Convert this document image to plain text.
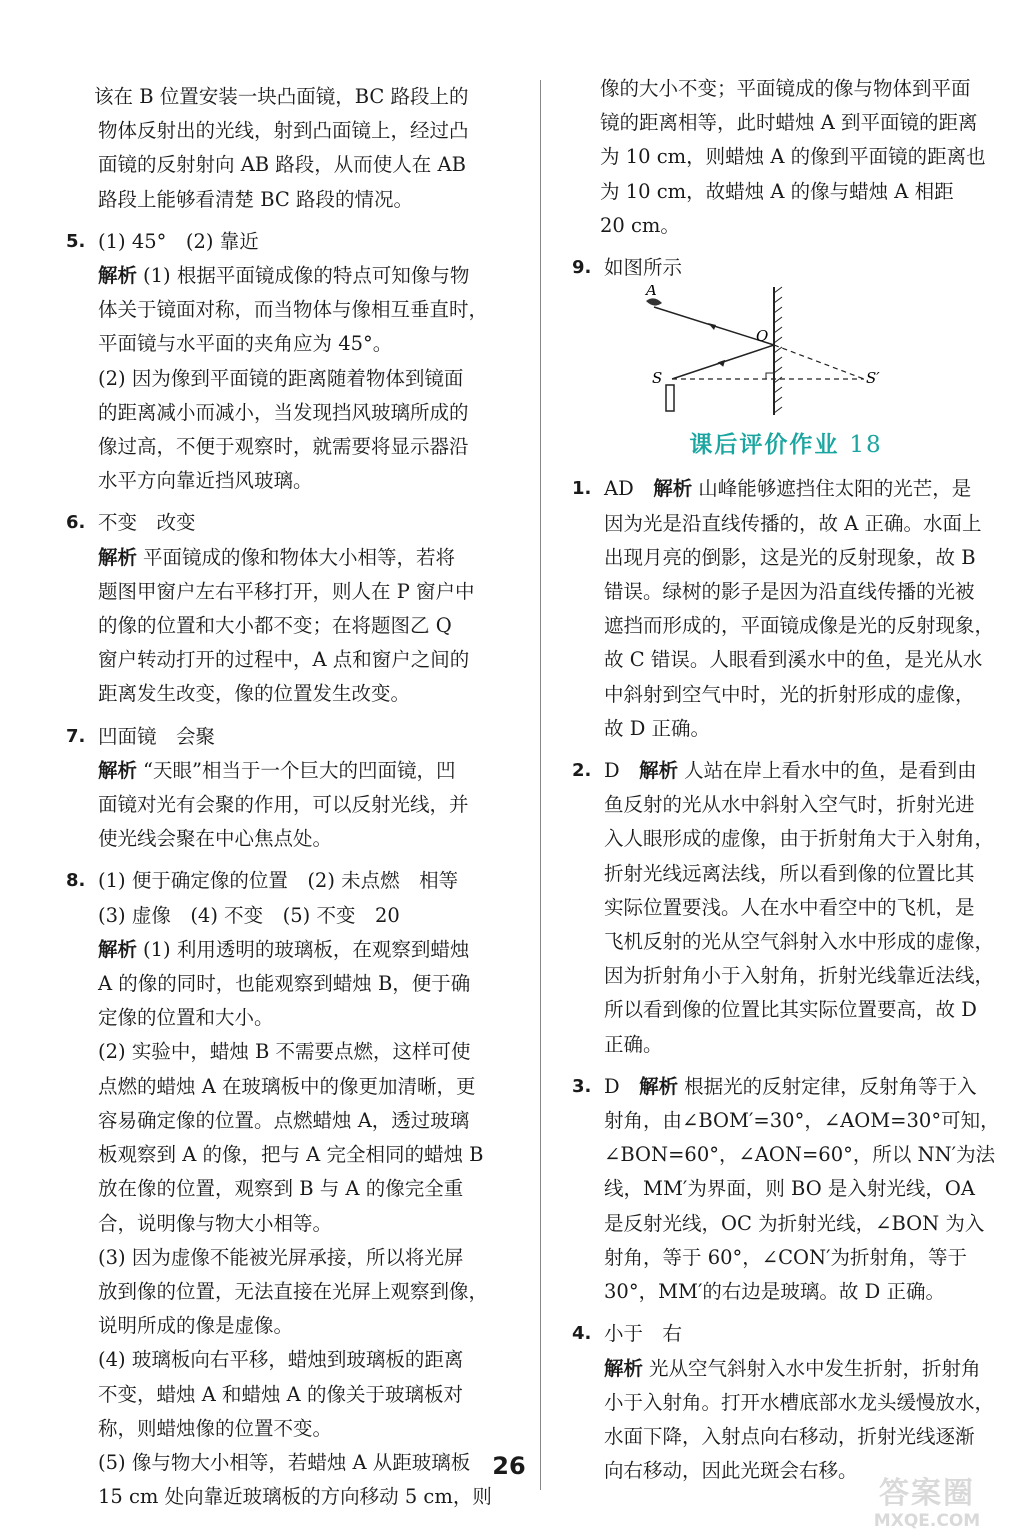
该在 B 位置安装一块凸面镜，BC 路段上的

物体反射出的光线，射到凸面镜上，经过凸

面镜的反射射向 AB 路段，从而使人在 AB

路段上能够看清楚 BC 路段的情况。

5. (1) 45°　(2) 靠近

解析 (1) 根据平面镜成像的特点可知像与物

体关于镜面对称，而当物体与像相互垂直时，

平面镜与水平面的夹角应为 45°。

(2) 因为像到平面镜的距离随着物体到镜面

的距离减小而减小，当发现挡风玻璃所成的

像过高，不便于观察时，就需要将显示器沿

水平方向靠近挡风玻璃。

6. 不变　改变

解析 平面镜成的像和物体大小相等，若将

题图甲窗户左右平移打开，则人在 P 窗户中

的像的位置和大小都不变；在将题图乙 Q

窗户转动打开的过程中，A 点和窗户之间的

距离发生改变，像的位置发生改变。

7. 凹面镜　会聚

解析 “天眼”相当于一个巨大的凹面镜，凹

面镜对光有会聚的作用，可以反射光线，并

使光线会聚在中心焦点处。

8. (1) 便于确定像的位置　(2) 未点燃　相等

(3) 虚像　(4) 不变　(5) 不变　20

解析 (1) 利用透明的玻璃板，在观察到蜡烛

A 的像的同时，也能观察到蜡烛 B，便于确

定像的位置和大小。

(2) 实验中，蜡烛 B 不需要点燃，这样可使

点燃的蜡烛 A 在玻璃板中的像更加清晰，更

容易确定像的位置。点燃蜡烛 A，透过玻璃

板观察到 A 的像，把与 A 完全相同的蜡烛 B

放在像的位置，观察到 B 与 A 的像完全重

合，说明像与物大小相等。

(3) 因为虚像不能被光屏承接，所以将光屏

放到像的位置，无法直接在光屏上观察到像，

说明所成的像是虚像。

(4) 玻璃板向右平移，蜡烛到玻璃板的距离

不变，蜡烛 A 和蜡烛 A 的像关于玻璃板对

称，则蜡烛像的位置不变。

(5) 像与物大小相等，若蜡烛 A 从距玻璃板

15 cm 处向靠近玻璃板的方向移动 5 cm，则

像的大小不变；平面镜成的像与物体到平面

镜的距离相等，此时蜡烛 A 到平面镜的距离

为 10 cm，则蜡烛 A 的像到平面镜的距离也

为 10 cm，故蜡烛 A 的像与蜡烛 A 相距

20 cm。

9. 如图所示

A
O
S	S′
课后评价作业 18

1. AD　 解析 山峰能够遮挡住太阳的光芒，是

因为光是沿直线传播的，故 A 正确。水面上

出现月亮的倒影，这是光的反射现象，故 B

错误。绿树的影子是因为沿直线传播的光被

遮挡而形成的，平面镜成像是光的反射现象，

故 C 错误。人眼看到溪水中的鱼，是光从水

中斜射到空气中时，光的折射形成的虚像，

故 D 正确。

2. D　 解析 人站在岸上看水中的鱼，是看到由

鱼反射的光从水中斜射入空气时，折射光进

入人眼形成的虚像，由于折射角大于入射角，

折射光线远离法线，所以看到像的位置比其

实际位置要浅。人在水中看空中的飞机，是

飞机反射的光从空气斜射入水中形成的虚像，

因为折射角小于入射角，折射光线靠近法线，

所以看到像的位置比其实际位置要高，故 D

正确。

3. D　 解析 根据光的反射定律，反射角等于入

射角，由∠BOM′=30°，∠AOM=30°可知，

∠BON=60°，∠AON=60°，所以 NN′为法

线，MM′为界面，则 BO 是入射光线，OA

是反射光线，OC 为折射光线，∠BON 为入

射角，等于 60°，∠CON′为折射角，等于

30°，MM′的右边是玻璃。故 D 正确。

4. 小于　右

解析 光从空气斜射入水中发生折射，折射角

小于入射角。打开水槽底部水龙头缓慢放水，

水面下降，入射点向右移动，折射光线逐渐

向右移动，因此光斑会右移。

26
答案圈
MXQE.COM
